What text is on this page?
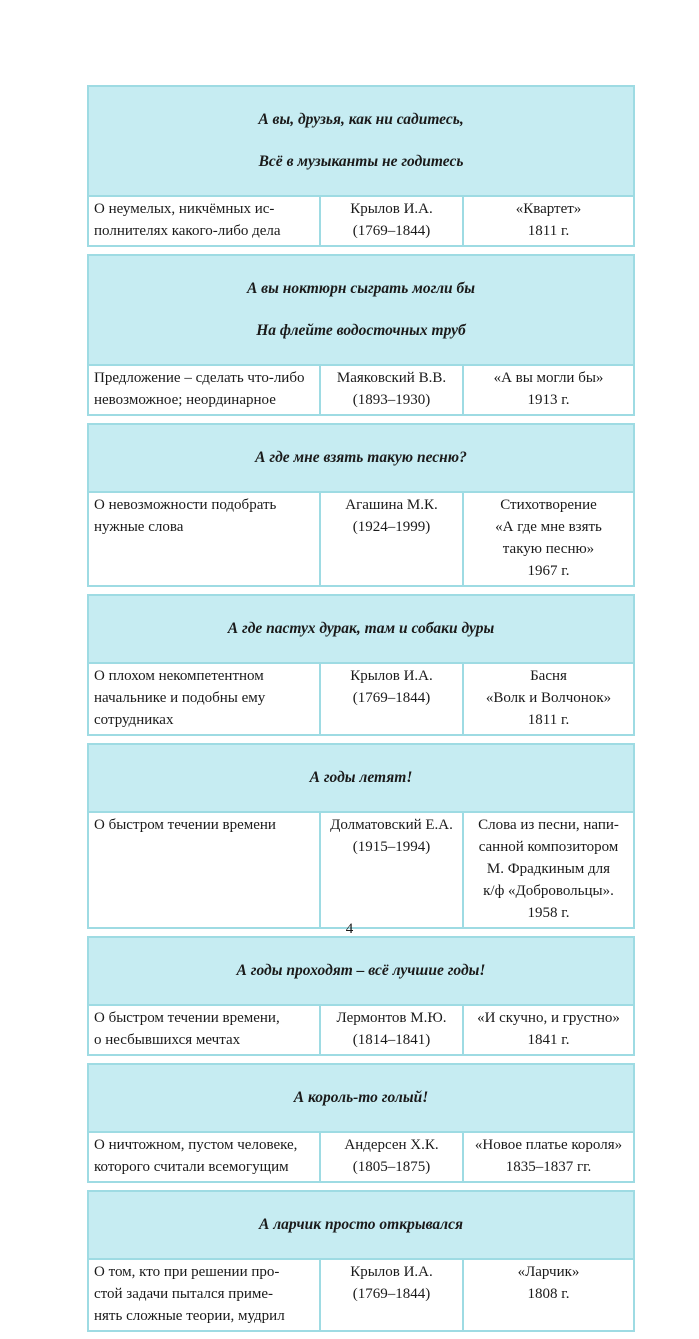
А вы, друзья, как ни садитесь,

Всё в музыканты не годитесь

О неумелых, никчёмных ис-
полнителях какого-либо дела
Крылов И.А.
(1769–1844)
«Квартет»
1811 г.

А вы ноктюрн сыграть могли бы

На флейте водосточных труб

Предложение – сделать что-либо
невозможное; неординарное
Маяковский В.В.
(1893–1930)
«А вы могли бы»
1913 г.

А где мне взять такую песню?

О невозможности подобрать
нужные слова
Агашина М.К.
(1924–1999)
Стихотворение
«А где мне взять
такую песню»
1967 г.

А где пастух дурак, там и собаки дуры

О плохом некомпетентном
начальнике и подобны ему
сотрудниках
Крылов И.А.
(1769–1844)
Басня
«Волк и Волчонок»
1811 г.

А годы летят!

О быстром течении времени	Долматовский Е.А.
(1915–1994)
Слова из песни, напи-
санной композитором
М. Фрадкиным для
к/ф «Добровольцы».
1958 г.

А годы проходят – всё лучшие годы!

О быстром течении времени,
о несбывшихся мечтах
Лермонтов М.Ю.
(1814–1841)
«И скучно, и грустно»
1841 г.

А король-то голый!

О ничтожном, пустом человеке,
которого считали всемогущим
Андерсен Х.К.
(1805–1875)
«Новое платье короля»
1835–1837 гг.

А ларчик просто открывался

О том, кто при решении про-
стой задачи пытался приме-
нять сложные теории, мудрил
Крылов И.А.
(1769–1844)
«Ларчик»
1808 г.
4
